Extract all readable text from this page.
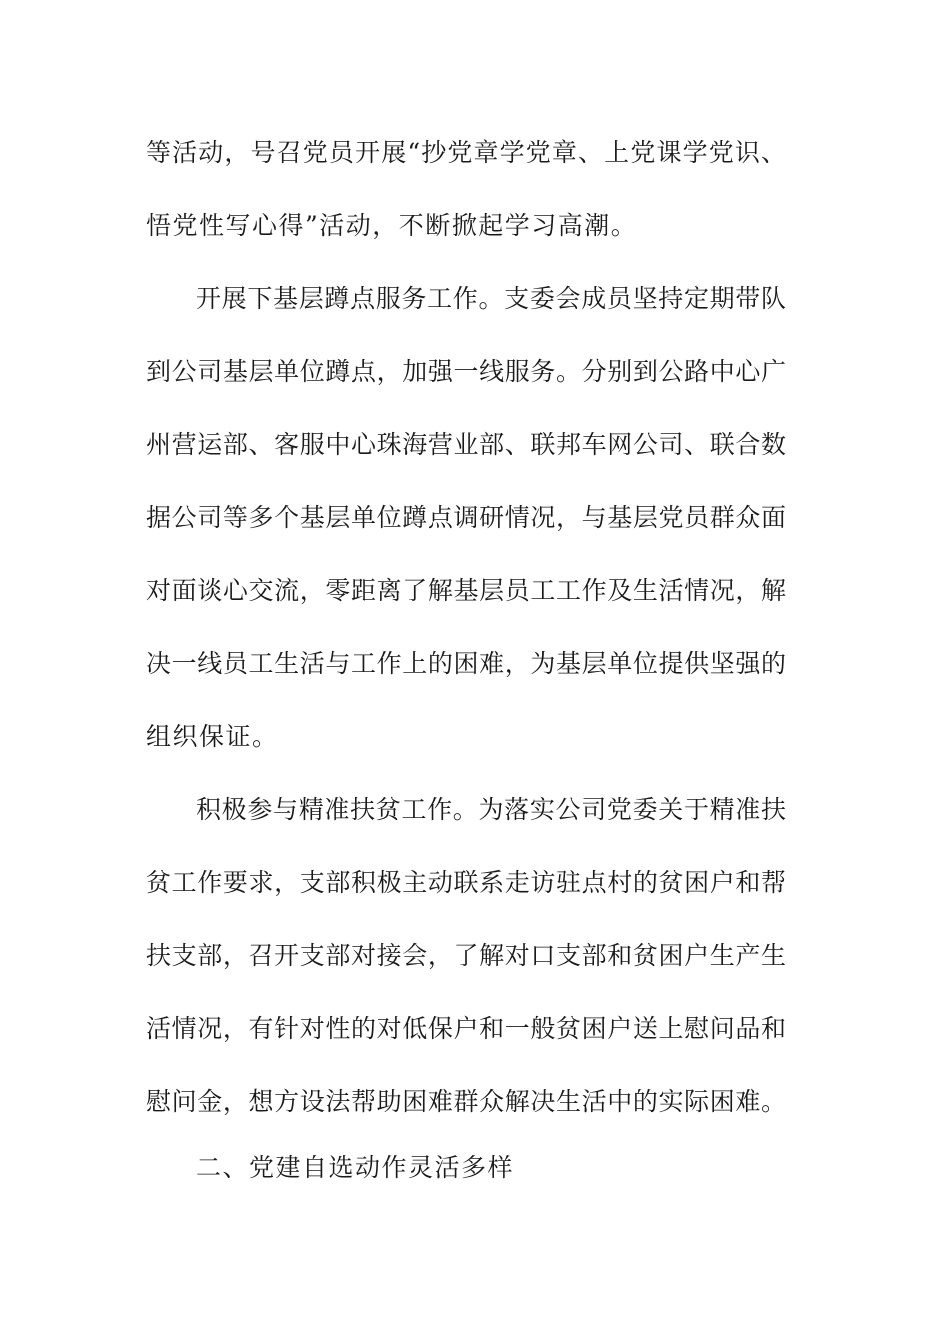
等活动，号召党员开展“抄党章学党章、上党课学党识、
悟党性写心得”活动，不断掀起学习高潮。
开展下基层蹲点服务工作。支委会成员坚持定期带队
到公司基层单位蹲点，加强一线服务。分别到公路中心广
州营运部、客服中心珠海营业部、联邦车网公司、联合数
据公司等多个基层单位蹲点调研情况，与基层党员群众面
对面谈心交流，零距离了解基层员工工作及生活情况，解
决一线员工生活与工作上的困难，为基层单位提供坚强的
组织保证。
积极参与精准扶贫工作。为落实公司党委关于精准扶
贫工作要求，支部积极主动联系走访驻点村的贫困户和帮
扶支部，召开支部对接会，了解对口支部和贫困户生产生
活情况，有针对性的对低保户和一般贫困户送上慰问品和
慰问金，想方设法帮助困难群众解决生活中的实际困难。
二、党建自选动作灵活多样
